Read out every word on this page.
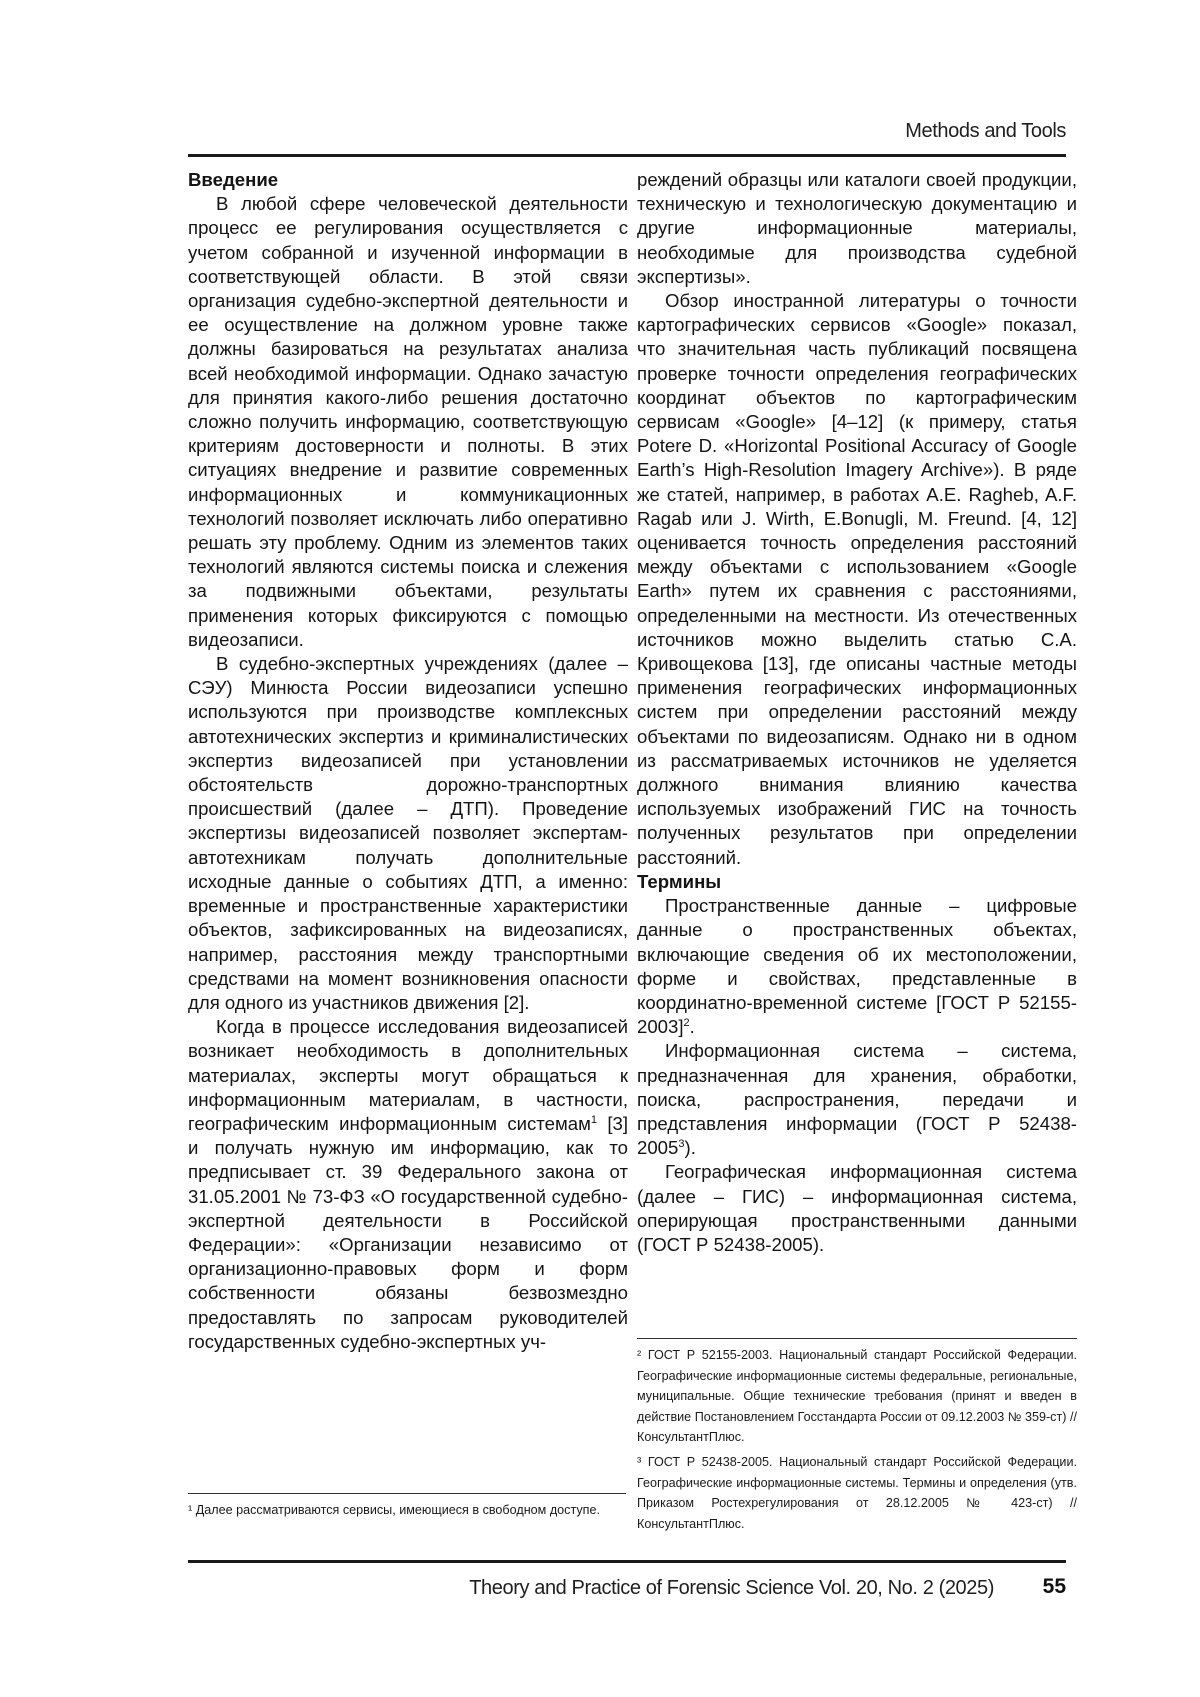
Methods and Tools

Введение

В любой сфере человеческой деятельности процесс ее регулирования осуществляется с учетом собранной и изученной информации в соответствующей области. В этой связи организация судебно-экспертной деятельности и ее осуществление на должном уровне также должны базироваться на результатах анализа всей необходимой информации. Однако зачастую для принятия какого-либо решения достаточно сложно получить информацию, соответствующую критериям достоверности и полноты. В этих ситуациях внедрение и развитие современных информационных и коммуникационных технологий позволяет исключать либо оперативно решать эту проблему. Одним из элементов таких технологий являются системы поиска и слежения за подвижными объектами, результаты применения которых фиксируются с помощью видеозаписи.

В судебно-экспертных учреждениях (далее – СЭУ) Минюста России видеозаписи успешно используются при производстве комплексных автотехнических экспертиз и криминалистических экспертиз видеозаписей при установлении обстоятельств дорожно-транспортных происшествий (далее – ДТП). Проведение экспертизы видеозаписей позволяет экспертам-автотехникам получать дополнительные исходные данные о событиях ДТП, а именно: временные и пространственные характеристики объектов, зафиксированных на видеозаписях, например, расстояния между транспортными средствами на момент возникновения опасности для одного из участников движения [2].

Когда в процессе исследования видеозаписей возникает необходимость в дополнительных материалах, эксперты могут обращаться к информационным материалам, в частности, географическим информационным системам$^1$ [3] и получать нужную им информацию, как то предписывает ст. 39 Федерального закона от 31.05.2001 № 73-ФЗ «О государственной судебно-экспертной деятельности в Российской Федерации»: «Организации независимо от организационно-правовых форм и форм собственности обязаны безвозмездно предоставлять по запросам руководителей государственных судебно-экспертных уч-

реждений образцы или каталоги своей продукции, техническую и технологическую документацию и другие информационные материалы, необходимые для производства судебной экспертизы».

Обзор иностранной литературы о точности картографических сервисов «Google» показал, что значительная часть публикаций посвящена проверке точности определения географических координат объектов по картографическим сервисам «Google» [4–12] (к примеру, статья Potere D. «Horizontal Positional Accuracy of Google Earth’s High-Resolution Imagery Archive»). В ряде же статей, например, в работах A.E. Ragheb, A.F. Ragab или J. Wirth, E.Bonugli, M. Freund. [4, 12] оценивается точность определения расстояний между объектами с использованием «Google Earth» путем их сравнения с расстояниями, определенными на местности. Из отечественных источников можно выделить статью С.А. Кривощекова [13], где описаны частные методы применения географических информационных систем при определении расстояний между объектами по видеозаписям. Однако ни в одном из рассматриваемых источников не уделяется должного внимания влиянию качества используемых изображений ГИС на точность полученных результатов при определении расстояний.

Термины

Пространственные данные – цифровые данные о пространственных объектах, включающие сведения об их местоположении, форме и свойствах, представленные в координатно-временной системе [ГОСТ Р 52155-2003]$^2$.

Информационная система – система, предназначенная для хранения, обработки, поиска, распространения, передачи и представления информации (ГОСТ Р 52438-2005$^3$).

Географическая информационная система (далее – ГИС) – информационная система, оперирующая пространственными данными (ГОСТ Р 52438-2005).

¹ Далее рассматриваются сервисы, имеющиеся в свободном доступе.

² ГОСТ Р 52155-2003. Национальный стандарт Российской Федерации. Географические информационные системы федеральные, региональные, муниципальные. Общие технические требования (принят и введен в действие Постановлением Госстандарта России от 09.12.2003 № 359-ст) // КонсультантПлюс.

³ ГОСТ Р 52438-2005. Национальный стандарт Российской Федерации. Географические информационные системы. Термины и определения (утв. Приказом Ростехрегулирования от 28.12.2005 № 423-ст) // КонсультантПлюс.

Theory and Practice of Forensic Science Vol. 20, No. 2 (2025) 55
